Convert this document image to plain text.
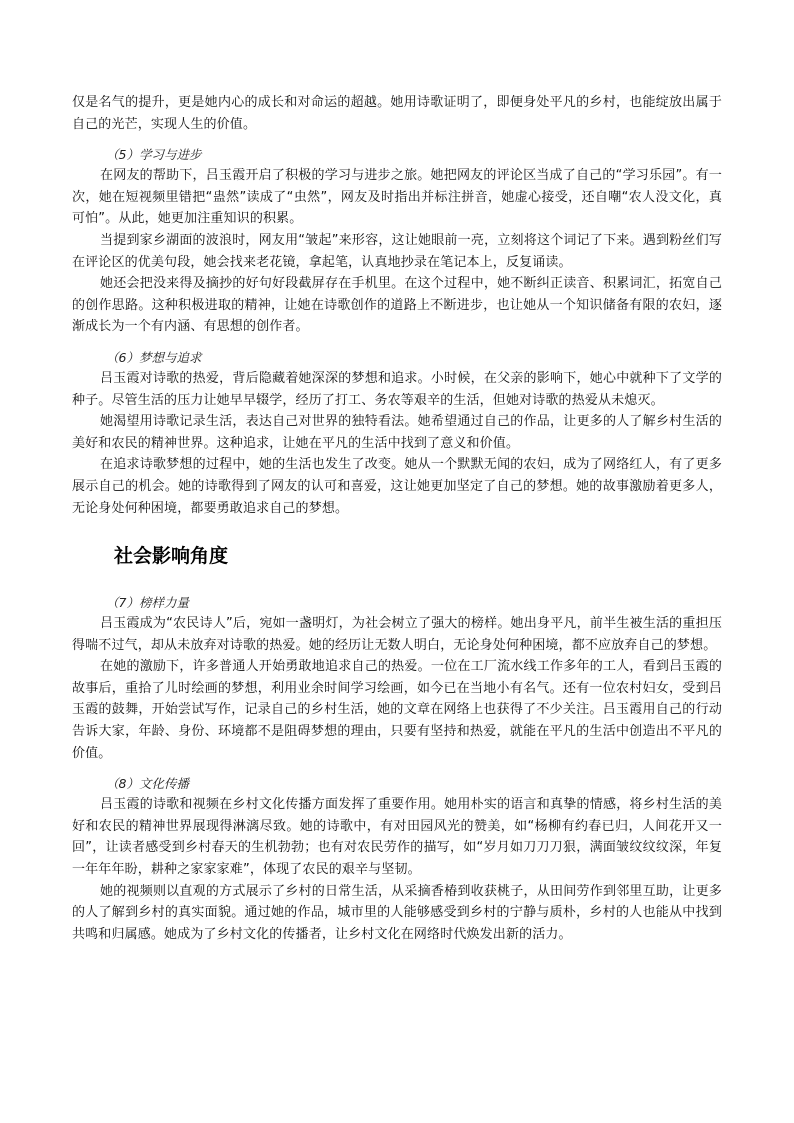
仅是名气的提升，更是她内心的成长和对命运的超越。她用诗歌证明了，即便身处平凡的乡村，也能绽放出属于自己的光芒，实现人生的价值。

（5）学习与进步

在网友的帮助下，吕玉霞开启了积极的学习与进步之旅。她把网友的评论区当成了自己的“学习乐园”。有一次，她在短视频里错把“蛊然”读成了“虫然”，网友及时指出并标注拼音，她虚心接受，还自嘲“农人没文化，真可怕”。从此，她更加注重知识的积累。

当提到家乡湖面的波浪时，网友用“皱起”来形容，这让她眼前一亮，立刻将这个词记了下来。遇到粉丝们写在评论区的优美句段，她会找来老花镜，拿起笔，认真地抄录在笔记本上，反复诵读。

她还会把没来得及摘抄的好句好段截屏存在手机里。在这个过程中，她不断纠正读音、积累词汇，拓宽自己的创作思路。这种积极进取的精神，让她在诗歌创作的道路上不断进步，也让她从一个知识储备有限的农妇，逐渐成长为一个有内涵、有思想的创作者。

（6）梦想与追求

吕玉霞对诗歌的热爱，背后隐藏着她深深的梦想和追求。小时候，在父亲的影响下，她心中就种下了文学的种子。尽管生活的压力让她早早辍学，经历了打工、务农等艰辛的生活，但她对诗歌的热爱从未熄灭。

她渴望用诗歌记录生活，表达自己对世界的独特看法。她希望通过自己的作品，让更多的人了解乡村生活的美好和农民的精神世界。这种追求，让她在平凡的生活中找到了意义和价值。

在追求诗歌梦想的过程中，她的生活也发生了改变。她从一个默默无闻的农妇，成为了网络红人，有了更多展示自己的机会。她的诗歌得到了网友的认可和喜爱，这让她更加坚定了自己的梦想。她的故事激励着更多人，无论身处何种困境，都要勇敢追求自己的梦想。

社会影响角度

（7）榜样力量

吕玉霞成为“农民诗人”后，宛如一盏明灯，为社会树立了强大的榜样。她出身平凡，前半生被生活的重担压得喘不过气，却从未放弃对诗歌的热爱。她的经历让无数人明白，无论身处何种困境，都不应放弃自己的梦想。

在她的激励下，许多普通人开始勇敢地追求自己的热爱。一位在工厂流水线工作多年的工人，看到吕玉霞的故事后，重拾了儿时绘画的梦想，利用业余时间学习绘画，如今已在当地小有名气。还有一位农村妇女，受到吕玉霞的鼓舞，开始尝试写作，记录自己的乡村生活，她的文章在网络上也获得了不少关注。吕玉霞用自己的行动告诉大家，年龄、身份、环境都不是阻碍梦想的理由，只要有坚持和热爱，就能在平凡的生活中创造出不平凡的价值。

（8）文化传播

吕玉霞的诗歌和视频在乡村文化传播方面发挥了重要作用。她用朴实的语言和真挚的情感，将乡村生活的美好和农民的精神世界展现得淋漓尽致。她的诗歌中，有对田园风光的赞美，如“杨柳有约春已归，人间花开又一回”，让读者感受到乡村春天的生机勃勃；也有对农民劳作的描写，如“岁月如刀刀刀狠，满面皱纹纹纹深，年复一年年年盼，耕种之家家家难”，体现了农民的艰辛与坚韧。

她的视频则以直观的方式展示了乡村的日常生活，从采摘香椿到收获桃子，从田间劳作到邻里互助，让更多的人了解到乡村的真实面貌。通过她的作品，城市里的人能够感受到乡村的宁静与质朴，乡村的人也能从中找到共鸣和归属感。她成为了乡村文化的传播者，让乡村文化在网络时代焕发出新的活力。
